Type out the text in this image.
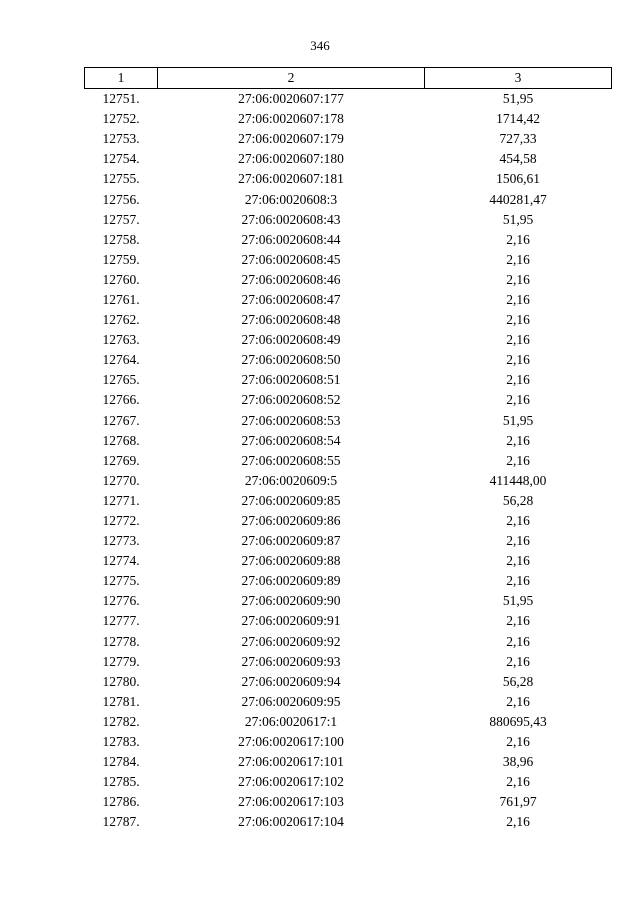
346
1	2	3
12751.	27:06:0020607:177	51,95
12752.	27:06:0020607:178	1714,42
12753.	27:06:0020607:179	727,33
12754.	27:06:0020607:180	454,58
12755.	27:06:0020607:181	1506,61
12756.	27:06:0020608:3	440281,47
12757.	27:06:0020608:43	51,95
12758.	27:06:0020608:44	2,16
12759.	27:06:0020608:45	2,16
12760.	27:06:0020608:46	2,16
12761.	27:06:0020608:47	2,16
12762.	27:06:0020608:48	2,16
12763.	27:06:0020608:49	2,16
12764.	27:06:0020608:50	2,16
12765.	27:06:0020608:51	2,16
12766.	27:06:0020608:52	2,16
12767.	27:06:0020608:53	51,95
12768.	27:06:0020608:54	2,16
12769.	27:06:0020608:55	2,16
12770.	27:06:0020609:5	411448,00
12771.	27:06:0020609:85	56,28
12772.	27:06:0020609:86	2,16
12773.	27:06:0020609:87	2,16
12774.	27:06:0020609:88	2,16
12775.	27:06:0020609:89	2,16
12776.	27:06:0020609:90	51,95
12777.	27:06:0020609:91	2,16
12778.	27:06:0020609:92	2,16
12779.	27:06:0020609:93	2,16
12780.	27:06:0020609:94	56,28
12781.	27:06:0020609:95	2,16
12782.	27:06:0020617:1	880695,43
12783.	27:06:0020617:100	2,16
12784.	27:06:0020617:101	38,96
12785.	27:06:0020617:102	2,16
12786.	27:06:0020617:103	761,97
12787.	27:06:0020617:104	2,16
